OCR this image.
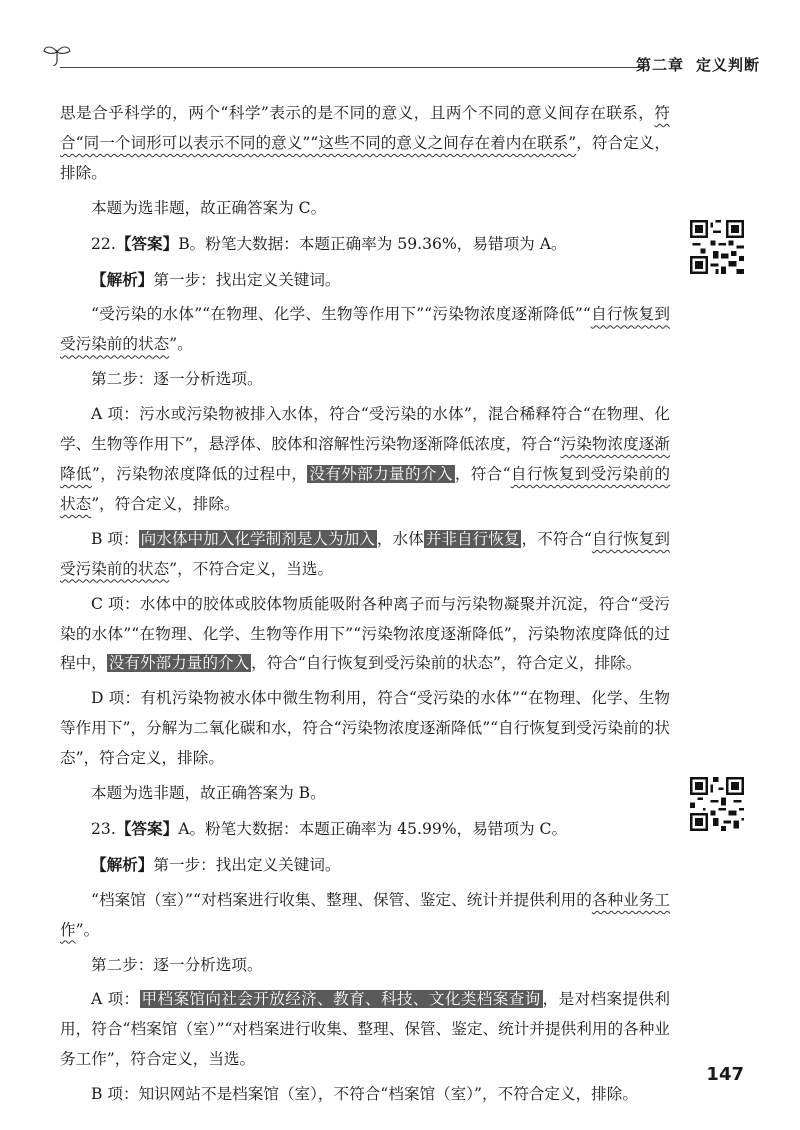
第二章 定义判断

思是合乎科学的，两个“科学”表示的是不同的意义，且两个不同的意义间存在联系，符合“同一个词形可以表示不同的意义”“这些不同的意义之间存在着内在联系”，符合定义，排除。

本题为选非题，故正确答案为 C。

22.【答案】B。粉笔大数据：本题正确率为 59.36%，易错项为 A。

【解析】第一步：找出定义关键词。

“受污染的水体”“在物理、化学、生物等作用下”“污染物浓度逐渐降低”“自行恢复到受污染前的状态”。

第二步：逐一分析选项。

A 项：污水或污染物被排入水体，符合“受污染的水体”，混合稀释符合“在物理、化学、生物等作用下”，悬浮体、胶体和溶解性污染物逐渐降低浓度，符合“污染物浓度逐渐降低”，污染物浓度降低的过程中， 没有外部力量的介入 ，符合“自行恢复到受污染前的状态”，符合定义，排除。

B 项： 向水体中加入化学制剂是人为加入 ，水体 并非自行恢复 ，不符合“自行恢复到受污染前的状态”，不符合定义，当选。

C 项：水体中的胶体或胶体物质能吸附各种离子而与污染物凝聚并沉淀，符合“受污染的水体”“在物理、化学、生物等作用下”“污染物浓度逐渐降低”，污染物浓度降低的过程中， 没有外部力量的介入 ，符合“自行恢复到受污染前的状态”，符合定义，排除。

D 项：有机污染物被水体中微生物利用，符合“受污染的水体”“在物理、化学、生物等作用下”，分解为二氧化碳和水，符合“污染物浓度逐渐降低”“自行恢复到受污染前的状态”，符合定义，排除。

本题为选非题，故正确答案为 B。

23.【答案】A。粉笔大数据：本题正确率为 45.99%，易错项为 C。

【解析】第一步：找出定义关键词。

“档案馆（室）”“对档案进行收集、整理、保管、鉴定、统计并提供利用的各种业务工作”。

第二步：逐一分析选项。

A 项： 甲档案馆向社会开放经济、教育、科技、文化类档案查询 ，是对档案提供利用，符合“档案馆（室）”“对档案进行收集、整理、保管、鉴定、统计并提供利用的各种业务工作”，符合定义，当选。

B 项：知识网站不是档案馆（室），不符合“档案馆（室）”，不符合定义，排除。

147
